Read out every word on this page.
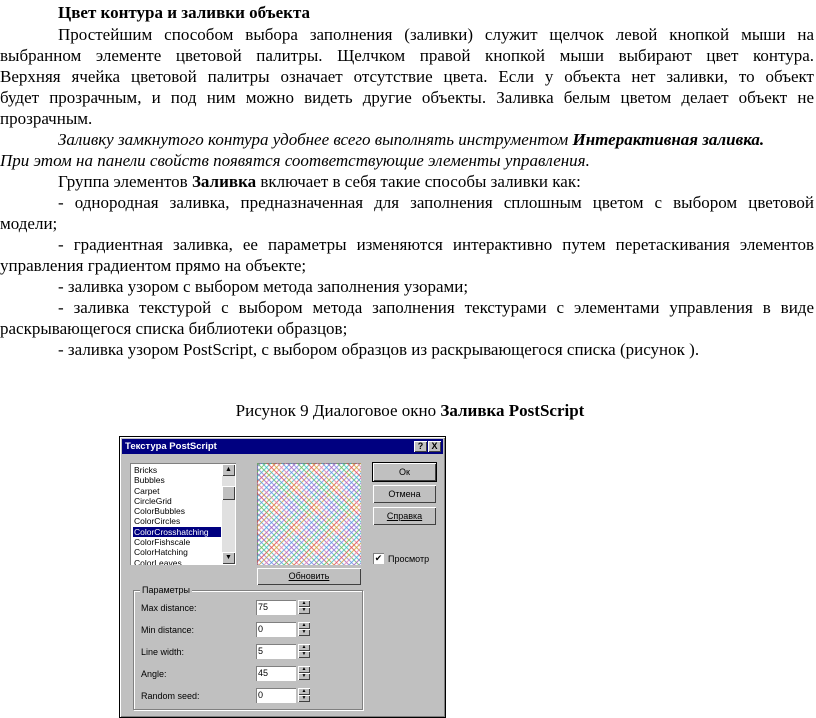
Цвет контура и заливки объекта
Простейшим способом выбора заполнения (заливки) служит щелчок левой кнопкой мыши на
выбранном элементе цветовой палитры. Щелчком правой кнопкой мыши выбирают цвет контура.
Верхняя ячейка цветовой палитры означает отсутствие цвета. Если у объекта нет заливки, то объект
будет прозрачным, и под ним можно видеть другие объекты. Заливка белым цветом делает объект не
прозрачным.
Заливку замкнутого контура удобнее всего выполнять инструментом Интерактивная заливка.
При этом на панели свойств появятся соответствующие элементы управления.
Группа элементов Заливка включает в себя такие способы заливки как:
- однородная заливка, предназначенная для заполнения сплошным цветом с выбором цветовой
модели;
- градиентная заливка, ее параметры изменяются интерактивно путем перетаскивания элементов
управления градиентом прямо на объекте;
- заливка узором с выбором метода заполнения узорами;
- заливка текстурой с выбором метода заполнения текстурами с элементами управления в виде
раскрывающегося списка библиотеки образцов;
- заливка узором PostScript, с выбором образцов из раскрывающегося списка (рисунок ).
Рисунок 9 Диалоговое окно Заливка PostScript
Текстура PostScript	? X
Bricks
Bubbles
Carpet
CircleGrid
ColorBubbles
ColorCircles
ColorCrosshatching
ColorFishscale
ColorHatching
ColorLeaves
▲
▼
Ок
Отмена
Справка
✔ Просмотр
Обновить
Параметры
Max distance:	75	▲
▼
Min distance:	0	▲
▼
Line width:	5	▲
▼
Angle:	45	▲
▼
Random seed:	0	▲
▼
